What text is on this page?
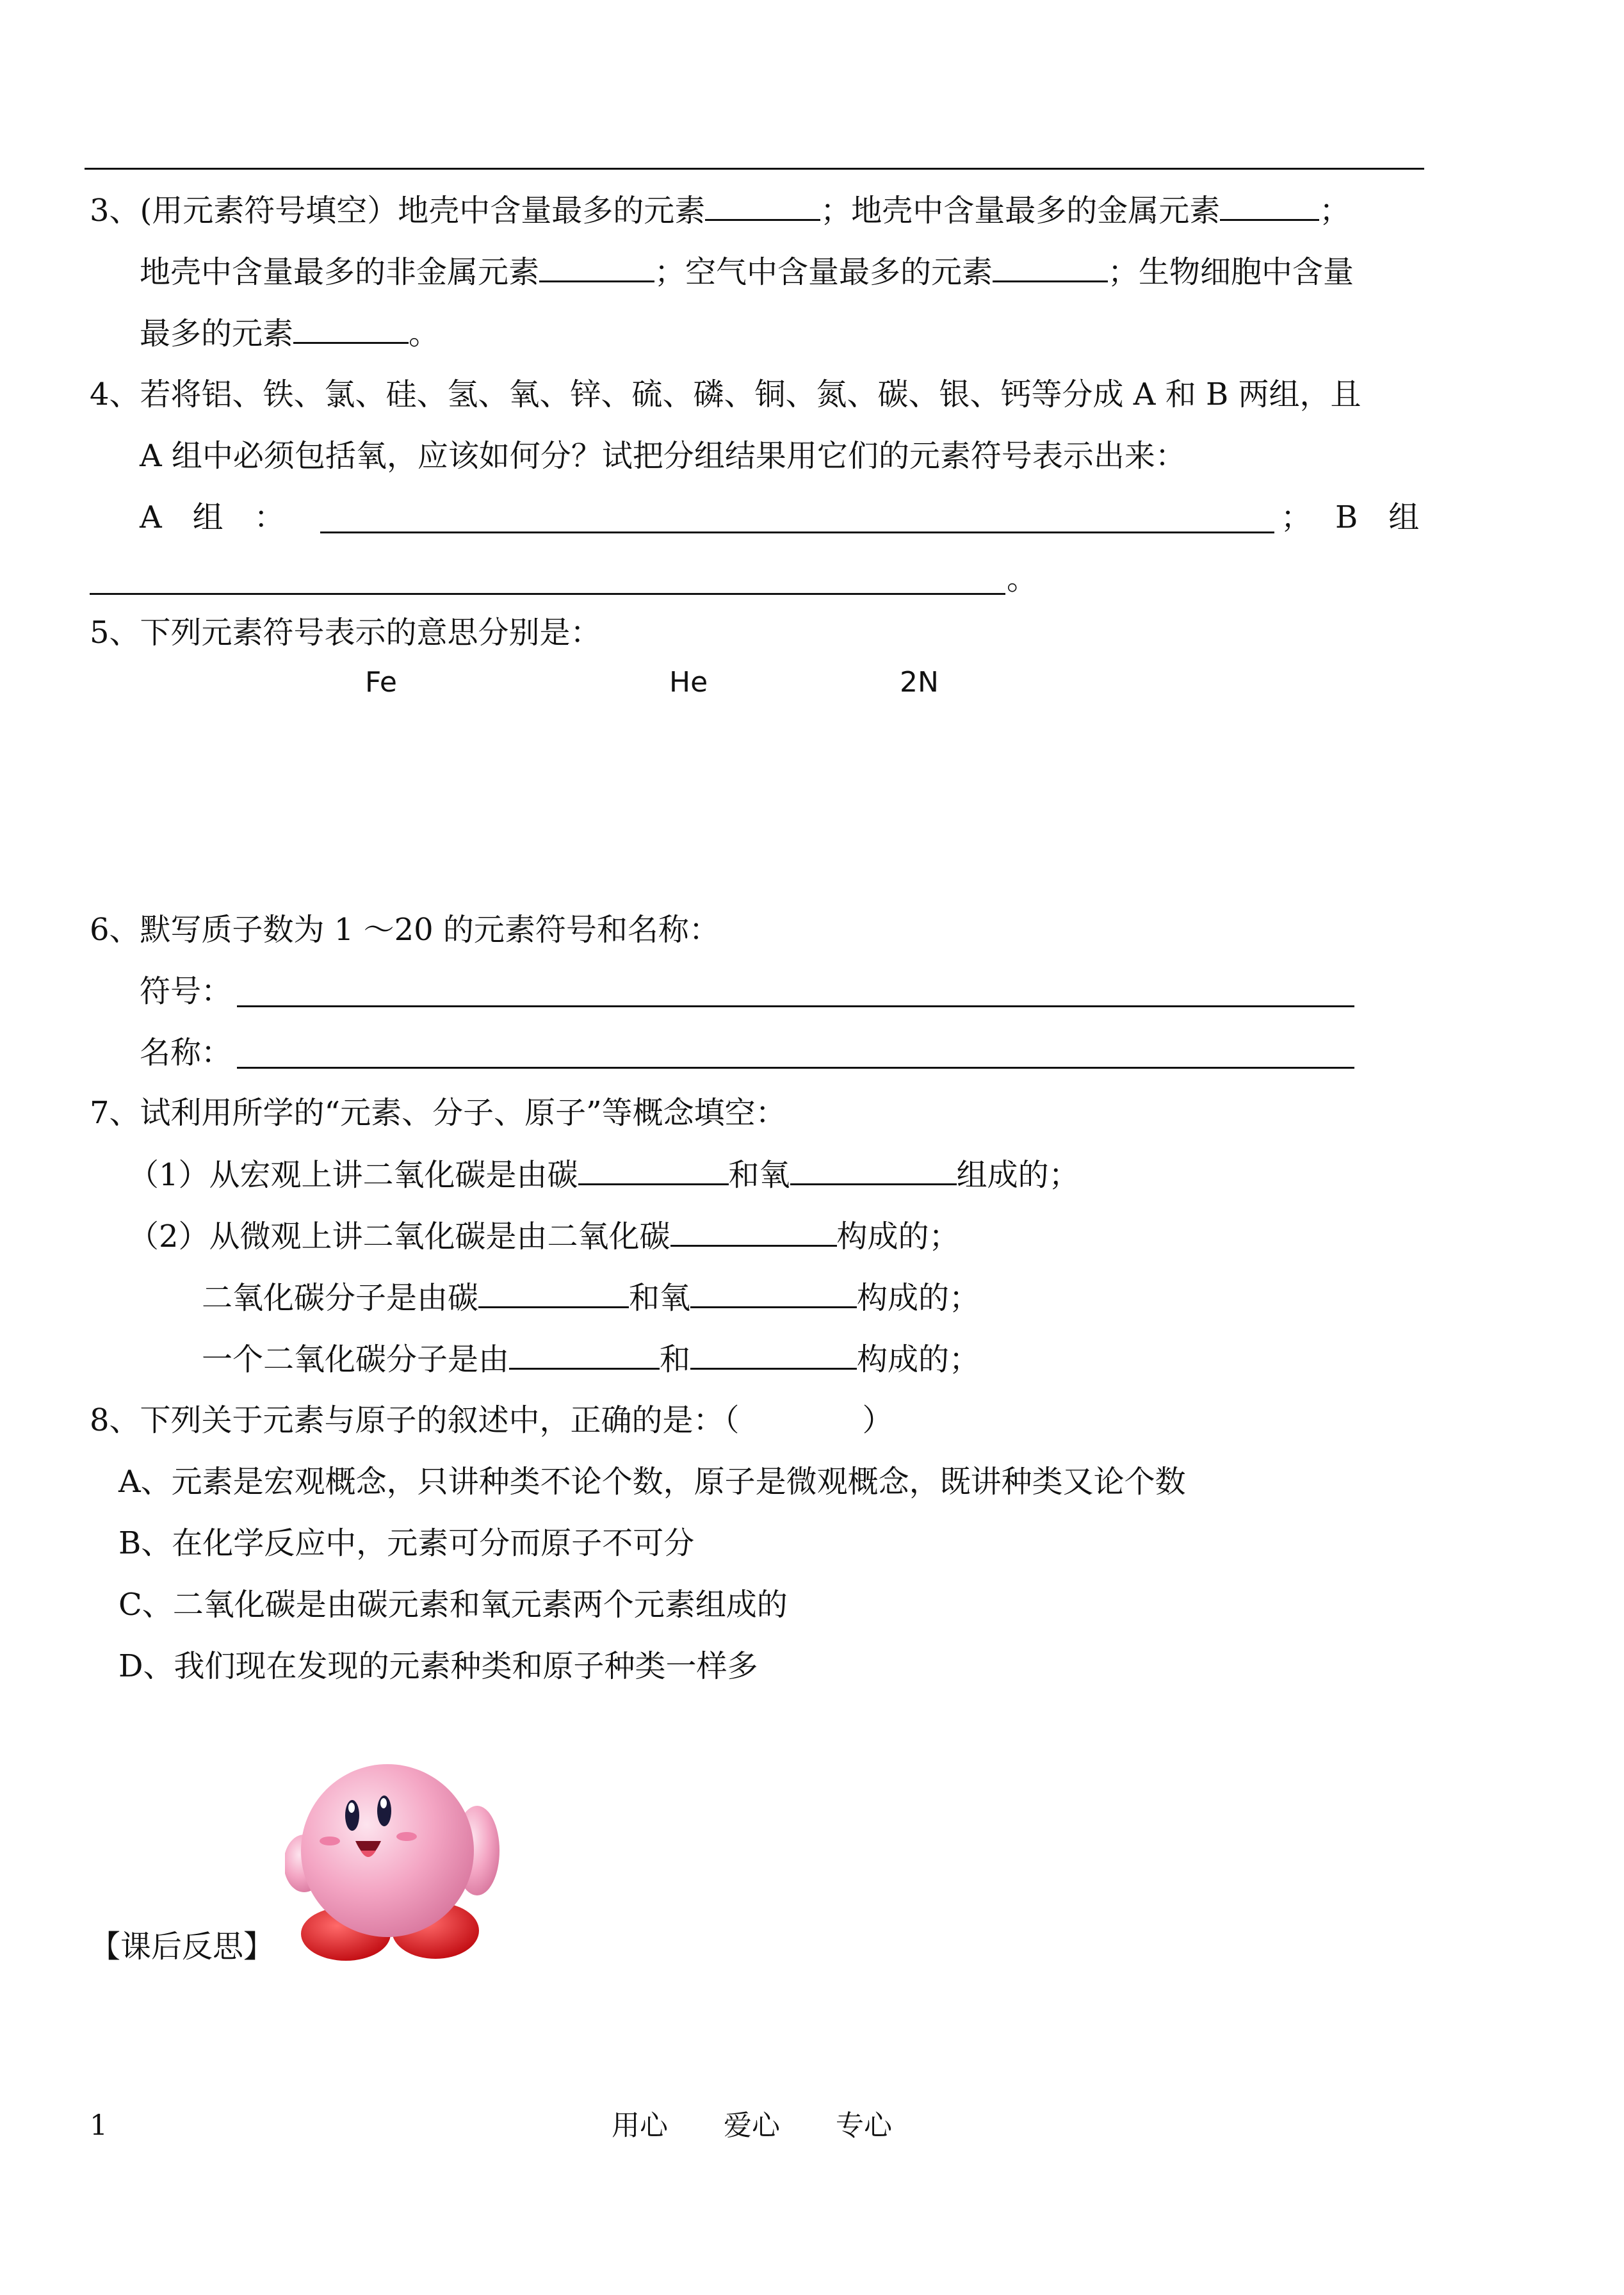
3、(用元素符号填空）地壳中含量最多的元素	；地壳中含量最多的金属元素	；
地壳中含量最多的非金属元素	；空气中含量最多的元素	；生物细胞中含量
最多的元素	。
4、若将铝、铁、氯、硅、氢、氧、锌、硫、磷、铜、氮、碳、银、钙等分成 A 和 B 两组，且
A 组中必须包括氧，应该如何分？试把分组结果用它们的元素符号表示出来：
A　组　：	； B　组
。
5、下列元素符号表示的意思分别是：
Fe	He	2N
6、默写质子数为 1 ～20 的元素符号和名称：
符号：
名称：
7、试利用所学的“元素、分子、原子”等概念填空：
（1）从宏观上讲二氧化碳是由碳	和氧	组成的；
（2）从微观上讲二氧化碳是由二氧化碳	构成的；
二氧化碳分子是由碳	和氧	构成的；
一个二氧化碳分子是由	和	构成的；
8、下列关于元素与原子的叙述中，正确的是：（　　　　）
A、元素是宏观概念，只讲种类不论个数，原子是微观概念，既讲种类又论个数
B、在化学反应中，元素可分而原子不可分
C、二氧化碳是由碳元素和氧元素两个元素组成的
D、我们现在发现的元素种类和原子种类一样多
【课后反思】
1	用心 爱心 专心
